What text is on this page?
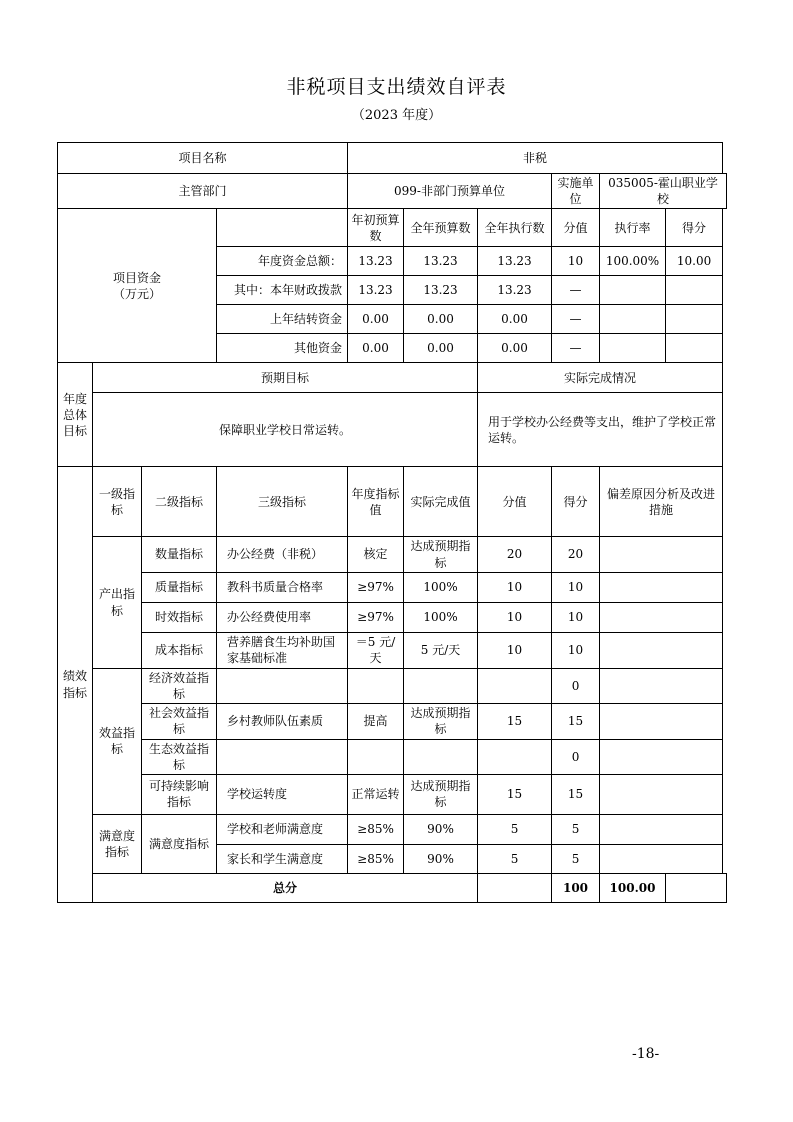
非税项目支出绩效自评表
（2023 年度）
项目名称				非税					
主管部门				099-非部门预算单位			实施单位	035005-霍山职业学校	

项目资金
（万元）				年初预算数	全年预算数	全年执行数	分值	执行率	得分
			年度资金总额：	13.23	13.23	13.23	10	100.00%	10.00
			其中：本年财政拨款	13.23	13.23	13.23	—		
			上年结转资金	0.00	0.00	0.00	—		
			其他资金	0.00	0.00	0.00	—		
年度总体目标	预期目标					实际完成情况			
	保障职业学校日常运转。					用于学校办公经费等支出，维护了学校正常运转。			
绩效指标	一级指标	二级指标	三级指标	年度指标值	实际完成值	分值	得分	偏差原因分析及改进措施	
	产出指标	数量指标	办公经费（非税）	核定	达成预期指标	20	20		
		质量指标	教科书质量合格率	≥97%	100%	10	10		
		时效指标	办公经费使用率	≥97%	100%	10	10		
		成本指标	营养膳食生均补助国家基础标准	＝5 元/天	5 元/天	10	10		
	效益指标	经济效益指标					0		
		社会效益指标	乡村教师队伍素质	提高	达成预期指标	15	15		
		生态效益指标					0		
		可持续影响指标	学校运转度	正常运转	达成预期指标	15	15		
	满意度指标	满意度指标	学校和老师满意度	≥85%	90%	5	5		
			家长和学生满意度	≥85%	90%	5	5		
	总分						100	100.00	
-18-
